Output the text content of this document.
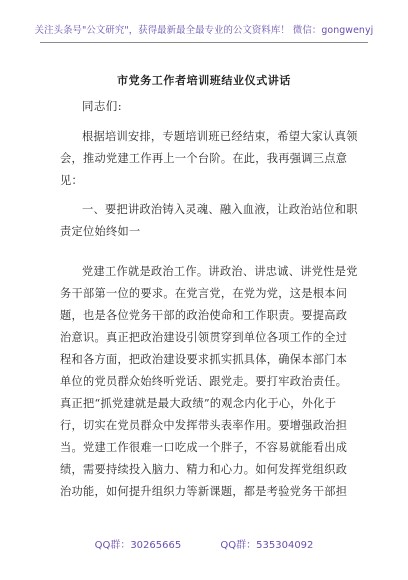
关注头条号"公文研究"，获得最新最全最专业的公文资料库！ 微信：gongwenyj
市党务工作者培训班结业仪式讲话
同志们:
根据培训安排，专题培训班已经结束，希望大家认真领
会，推动党建工作再上一个台阶。在此，我再强调三点意
见：
一、要把讲政治铸入灵魂、融入血液，让政治站位和职
责定位始终如一
党建工作就是政治工作。讲政治、讲忠诚、讲党性是党
务干部第一位的要求。在党言党，在党为党，这是根本问
题，也是各位党务干部的政治使命和工作职责。要提高政
治意识。真正把政治建设引领贯穿到单位各项工作的全过
程和各方面，把政治建设要求抓实抓具体，确保本部门本
单位的党员群众始终听党话、跟党走。要打牢政治责任。
真正把“抓党建就是最大政绩”的观念内化于心，外化于
行，切实在党员群众中发挥带头表率作用。要增强政治担
当。党建工作很难一口吃成一个胖子，不容易就能看出成
绩，需要持续投入脑力、精力和心力。如何发挥党组织政
治功能，如何提升组织力等新课题，都是考验党务干部担
QQ群：30265665	QQ群：535304092
